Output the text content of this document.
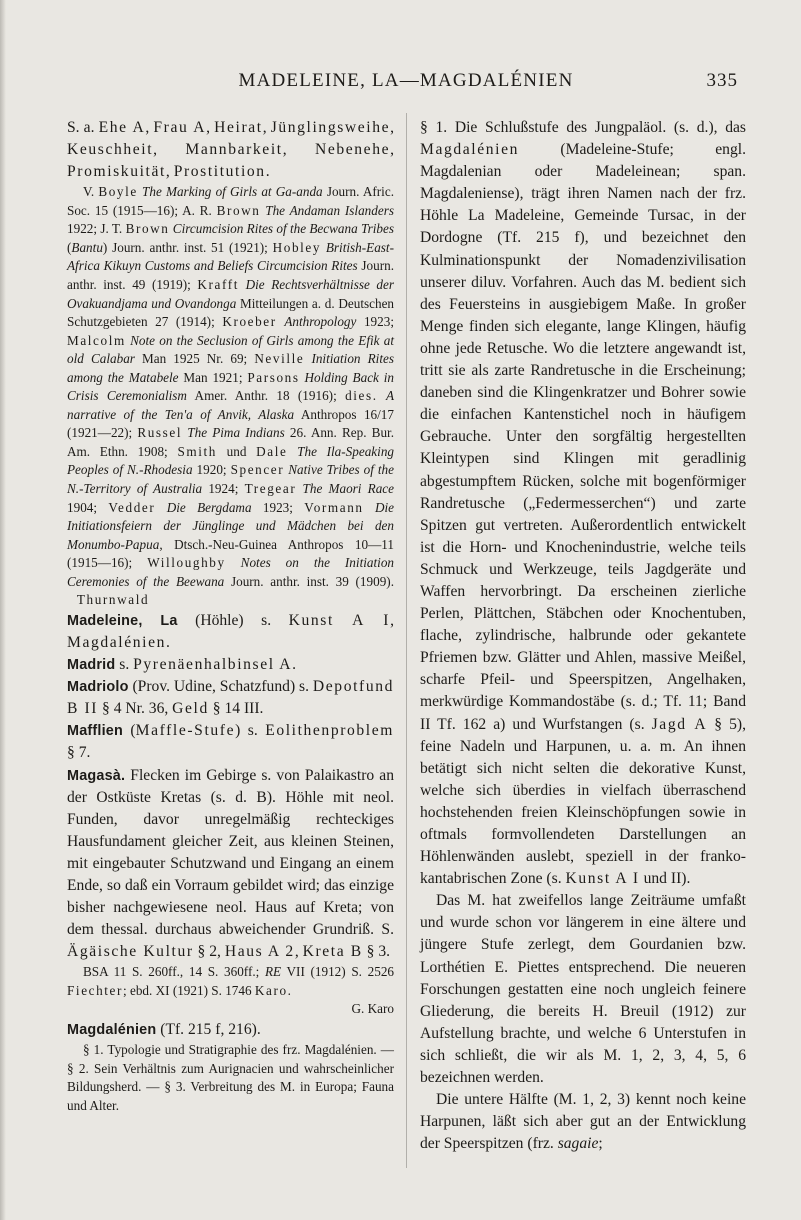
MADELEINE, LA—MAGDALÉNIEN	335

S. a. Ehe A, Frau A, Heirat, Jünglingsweihe, Keuschheit, Mannbarkeit, Nebenehe, Promiskuität, Prostitution.

V. Boyle The Marking of Girls at Ga-anda Journ. Afric. Soc. 15 (1915—16); A. R. Brown The Andaman Islanders 1922; J. T. Brown Circumcision Rites of the Becwana Tribes (Bantu) Journ. anthr. inst. 51 (1921); Hobley British-East-Africa Kikuyn Customs and Beliefs Circumcision Rites Journ. anthr. inst. 49 (1919); Krafft Die Rechtsverhältnisse der Ovakuandjama und Ovandonga Mitteilungen a. d. Deutschen Schutzgebieten 27 (1914); Kroeber Anthropology 1923; Malcolm Note on the Seclusion of Girls among the Efik at old Calabar Man 1925 Nr. 69; Neville Initiation Rites among the Matabele Man 1921; Parsons Holding Back in Crisis Ceremonialism Amer. Anthr. 18 (1916); dies. A narrative of the Ten'a of Anvik, Alaska Anthropos 16/17 (1921—22); Russel The Pima Indians 26. Ann. Rep. Bur. Am. Ethn. 1908; Smith und Dale The Ila-Speaking Peoples of N.-Rhodesia 1920; Spencer Native Tribes of the N.-Territory of Australia 1924; Tregear The Maori Race 1904; Vedder Die Bergdama 1923; Vormann Die Initiationsfeiern der Jünglinge und Mädchen bei den Monumbo-Papua, Dtsch.-Neu-Guinea Anthropos 10—11 (1915—16); Willoughby Notes on the Initiation Ceremonies of the Beewana Journ. anthr. inst. 39 (1909).    Thurnwald

Madeleine, La (Höhle) s. Kunst A I, Magdalénien.

Madrid s. Pyrenäenhalbinsel A.

Madriolo (Prov. Udine, Schatzfund) s. Depotfund B II § 4 Nr. 36, Geld § 14 III.

Mafflien (Maffle-Stufe) s. Eolithenproblem § 7.

Magasà. Flecken im Gebirge s. von Palaikastro an der Ostküste Kretas (s. d. B). Höhle mit neol. Funden, davor unregelmäßig rechteckiges Hausfundament gleicher Zeit, aus kleinen Steinen, mit eingebauter Schutzwand und Eingang an einem Ende, so daß ein Vorraum gebildet wird; das einzige bisher nachgewiesene neol. Haus auf Kreta; von dem thessal. durchaus abweichender Grundriß. S. Ägäische Kultur § 2, Haus A 2, Kreta B § 3.

BSA 11 S. 260ff., 14 S. 360ff.; RE VII (1912) S. 2526 Fiechter; ebd. XI (1921) S. 1746 Karo.

G. Karo

Magdalénien (Tf. 215 f, 216).

§ 1. Typologie und Stratigraphie des frz. Magdalénien. — § 2. Sein Verhältnis zum Aurignacien und wahrscheinlicher Bildungsherd. — § 3. Verbreitung des M. in Europa; Fauna und Alter.

§ 1. Die Schlußstufe des Jungpaläol. (s. d.), das Magdalénien (Madeleine-Stufe; engl. Magdalenian oder Madeleinean; span. Magdaleniense), trägt ihren Namen nach der frz. Höhle La Madeleine, Gemeinde Tursac, in der Dordogne (Tf. 215 f), und bezeichnet den Kulminationspunkt der Nomadenzivilisation unserer diluv. Vorfahren. Auch das M. bedient sich des Feuersteins in ausgiebigem Maße. In großer Menge finden sich elegante, lange Klingen, häufig ohne jede Retusche. Wo die letztere angewandt ist, tritt sie als zarte Randretusche in die Erscheinung; daneben sind die Klingenkratzer und Bohrer sowie die einfachen Kantenstichel noch in häufigem Gebrauche. Unter den sorgfältig hergestellten Kleintypen sind Klingen mit geradlinig abgestumpftem Rücken, solche mit bogenförmiger Randretusche („Federmesserchen“) und zarte Spitzen gut vertreten. Außerordentlich entwickelt ist die Horn- und Knochenindustrie, welche teils Schmuck und Werkzeuge, teils Jagdgeräte und Waffen hervorbringt. Da erscheinen zierliche Perlen, Plättchen, Stäbchen oder Knochentuben, flache, zylindrische, halbrunde oder gekantete Pfriemen bzw. Glätter und Ahlen, massive Meißel, scharfe Pfeil- und Speerspitzen, Angelhaken, merkwürdige Kommandostäbe (s. d.; Tf. 11; Band II Tf. 162 a) und Wurfstangen (s. Jagd A § 5), feine Nadeln und Harpunen, u. a. m. An ihnen betätigt sich nicht selten die dekorative Kunst, welche sich überdies in vielfach überraschend hochstehenden freien Kleinschöpfungen sowie in oftmals formvollendeten Darstellungen an Höhlenwänden auslebt, speziell in der franko-kantabrischen Zone (s. Kunst A I und II).

Das M. hat zweifellos lange Zeiträume umfaßt und wurde schon vor längerem in eine ältere und jüngere Stufe zerlegt, dem Gourdanien bzw. Lorthétien E. Piettes entsprechend. Die neueren Forschungen gestatten eine noch ungleich feinere Gliederung, die bereits H. Breuil (1912) zur Aufstellung brachte, und welche 6 Unterstufen in sich schließt, die wir als M. 1, 2, 3, 4, 5, 6 bezeichnen werden.

Die untere Hälfte (M. 1, 2, 3) kennt noch keine Harpunen, läßt sich aber gut an der Entwicklung der Speerspitzen (frz. sagaie;
